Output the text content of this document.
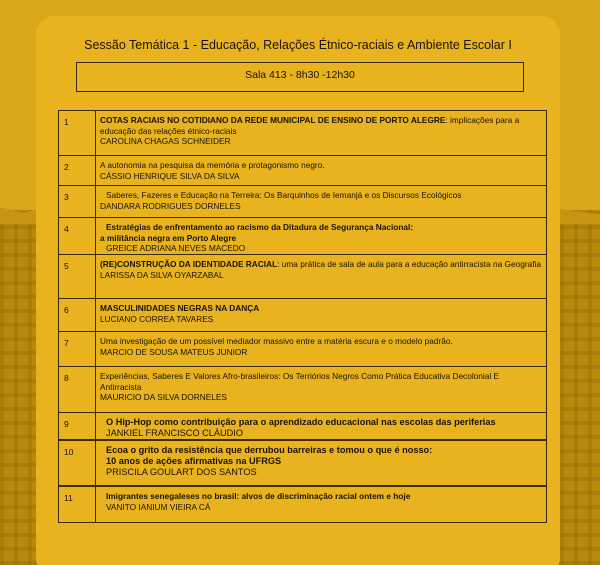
Sessão Temática 1 - Educação, Relações Étnico-raciais e Ambiente Escolar I
Sala 413 - 8h30 -12h30
1	COTAS RACIAIS NO COTIDIANO DA REDE MUNICIPAL DE ENSINO DE PORTO ALEGRE: implicações para a educação das relações étnico-raciais
CAROLINA CHAGAS SCHNEIDER
2	A autonomia na pesquisa da memória e protagonismo negro.
CÁSSIO HENRIQUE SILVA DA SILVA
3	Saberes, Fazeres e Educação na Terreira: Os Barquinhos de Iemanjá e os Discursos Ecológicos
DANDARA RODRIGUES DORNELES
4	Estratégias de enfrentamento ao racismo da Ditadura de Segurança Nacional:
a militância negra em Porto Alegre
GREICE ADRIANA NEVES MACEDO
5	(RE)CONSTRUÇÃO DA IDENTIDADE RACIAL: uma prática de sala de aula para a educação antirracista na Geografia
LARISSA DA SILVA OYARZABAL
6	MASCULINIDADES NEGRAS NA DANÇA
LUCIANO CORREA TAVARES
7	Uma investigação de um possível mediador massivo entre a matéria escura e o modelo padrão.
MARCIO DE SOUSA MATEUS JUNIOR
8	Experiências, Saberes E Valores Afro-brasileiros: Os Terriórios Negros Como Prática Educativa Decolonial E Antirracista
MAURICIO DA SILVA DORNELES
9	O Hip-Hop como contribuição para o aprendizado educacional nas escolas das periferias
JANKIEL FRANCISCO CLÁUDIO
10	Ecoa o grito da resistência que derrubou barreiras e tomou o que é nosso:
10 anos de ações afirmativas na UFRGS
PRISCILA GOULART DOS SANTOS
11	Imigrantes senegaleses no brasil: alvos de discriminação racial ontem e hoje
VANITO IANIUM VIEIRA CÁ
